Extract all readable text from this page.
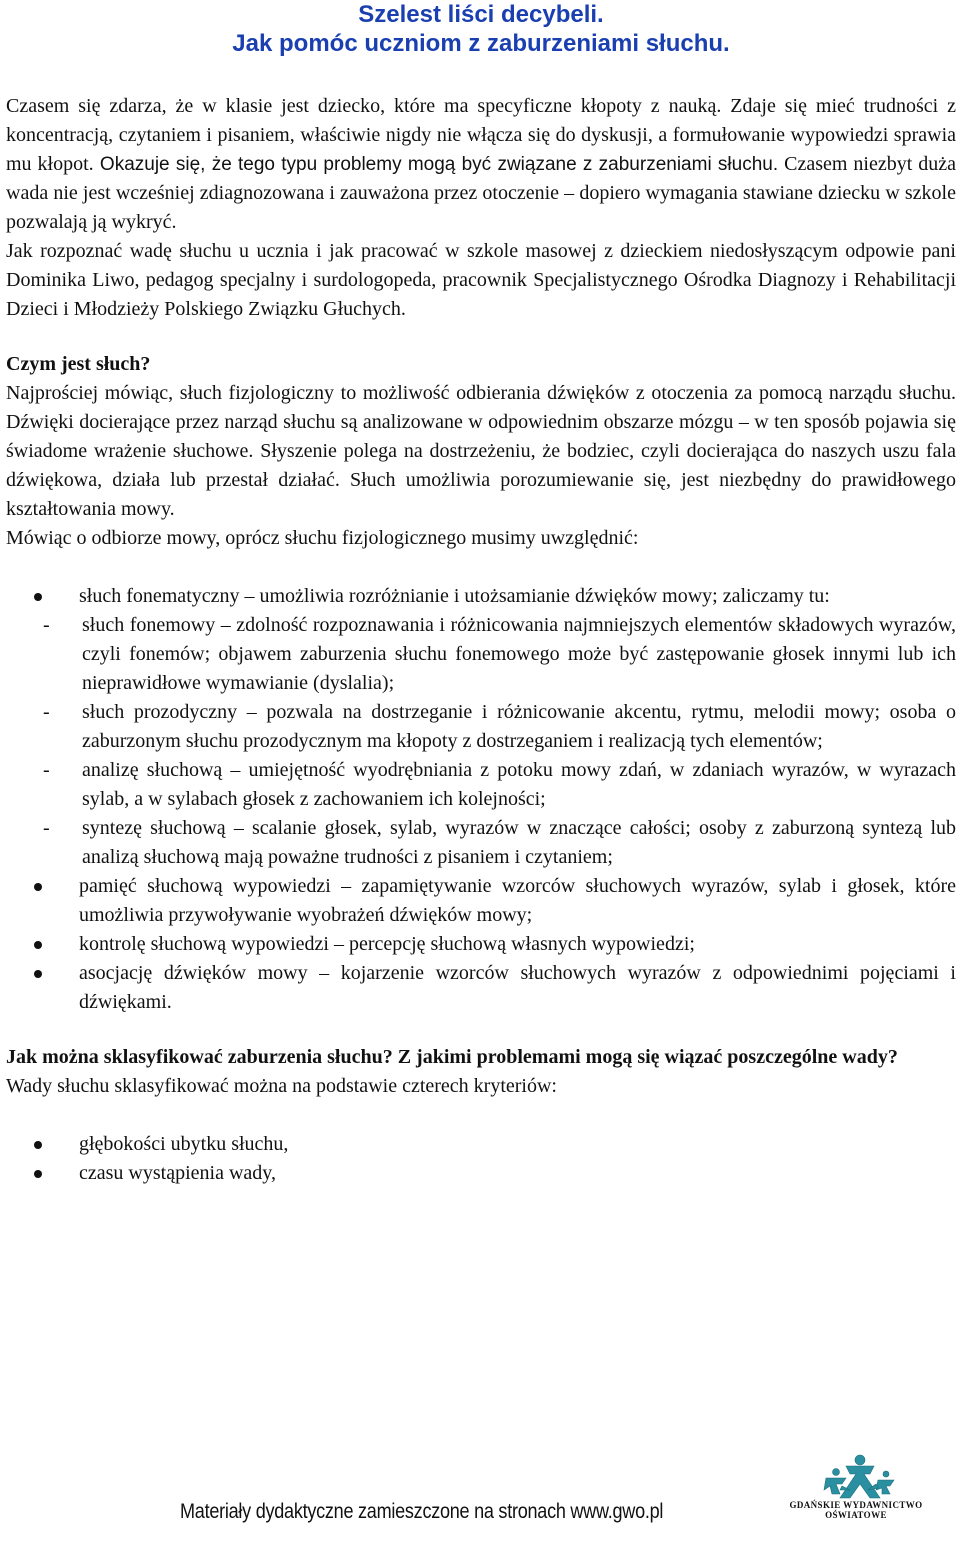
Szelest liści decybeli.
Jak pomóc uczniom z zaburzeniami słuchu.

Czasem się zdarza, że w klasie jest dziecko, które ma specyficzne kłopoty z nauką. Zdaje się mieć trudności z koncentracją, czytaniem i pisaniem, właściwie nigdy nie włącza się do dyskusji, a formułowanie wypowiedzi sprawia mu kłopot. Okazuje się, że tego typu problemy mogą być związane z zaburzeniami słuchu. Czasem niezbyt duża wada nie jest wcześniej zdiagnozowana i zauważona przez otoczenie – dopiero wymagania stawiane dziecku w szkole pozwalają ją wykryć.

Jak rozpoznać wadę słuchu u ucznia i jak pracować w szkole masowej z dzieckiem niedosłyszącym odpowie pani Dominika Liwo, pedagog specjalny i surdologopeda, pracownik Specjalistycznego Ośrodka Diagnozy i Rehabilitacji Dzieci i Młodzieży Polskiego Związku Głuchych.

Czym jest słuch?

Najprościej mówiąc, słuch fizjologiczny to możliwość odbierania dźwięków z otoczenia za pomocą narządu słuchu. Dźwięki docierające przez narząd słuchu są analizowane w odpowiednim obszarze mózgu – w ten sposób pojawia się świadome wrażenie słuchowe. Słyszenie polega na dostrzeżeniu, że bodziec, czyli docierająca do naszych uszu fala dźwiękowa, działa lub przestał działać. Słuch umożliwia porozumiewanie się, jest niezbędny do prawidłowego kształtowania mowy.

Mówiąc o odbiorze mowy, oprócz słuchu fizjologicznego musimy uwzględnić:

słuch fonematyczny – umożliwia rozróżnianie i utożsamianie dźwięków mowy; zaliczamy tu:
- słuch fonemowy – zdolność rozpoznawania i różnicowania najmniejszych elementów składowych wyrazów, czyli fonemów; objawem zaburzenia słuchu fonemowego może być zastępowanie głosek innymi lub ich nieprawidłowe wymawianie (dyslalia);
- słuch prozodyczny – pozwala na dostrzeganie i różnicowanie akcentu, rytmu, melodii mowy; osoba o zaburzonym słuchu prozodycznym ma kłopoty z dostrzeganiem i realizacją tych elementów;
- analizę słuchową – umiejętność wyodrębniania z potoku mowy zdań, w zdaniach wyrazów, w wyrazach sylab, a w sylabach głosek z zachowaniem ich kolejności;
- syntezę słuchową – scalanie głosek, sylab, wyrazów w znaczące całości; osoby z zaburzoną syntezą lub analizą słuchową mają poważne trudności z pisaniem i czytaniem;
pamięć słuchową wypowiedzi – zapamiętywanie wzorców słuchowych wyrazów, sylab i głosek, które umożliwia przywoływanie wyobrażeń dźwięków mowy;
kontrolę słuchową wypowiedzi – percepcję słuchową własnych wypowiedzi;
asocjację dźwięków mowy – kojarzenie wzorców słuchowych wyrazów z odpowiednimi pojęciami i dźwiękami.
Jak można sklasyfikować zaburzenia słuchu? Z jakimi problemami mogą się wiązać poszczególne wady?

Wady słuchu sklasyfikować można na podstawie czterech kryteriów:

głębokości ubytku słuchu,
czasu wystąpienia wady,
Materiały dydaktyczne zamieszczone na stronach www.gwo.pl	GDAŃSKIE WYDAWNICTWO
OŚWIATOWE
